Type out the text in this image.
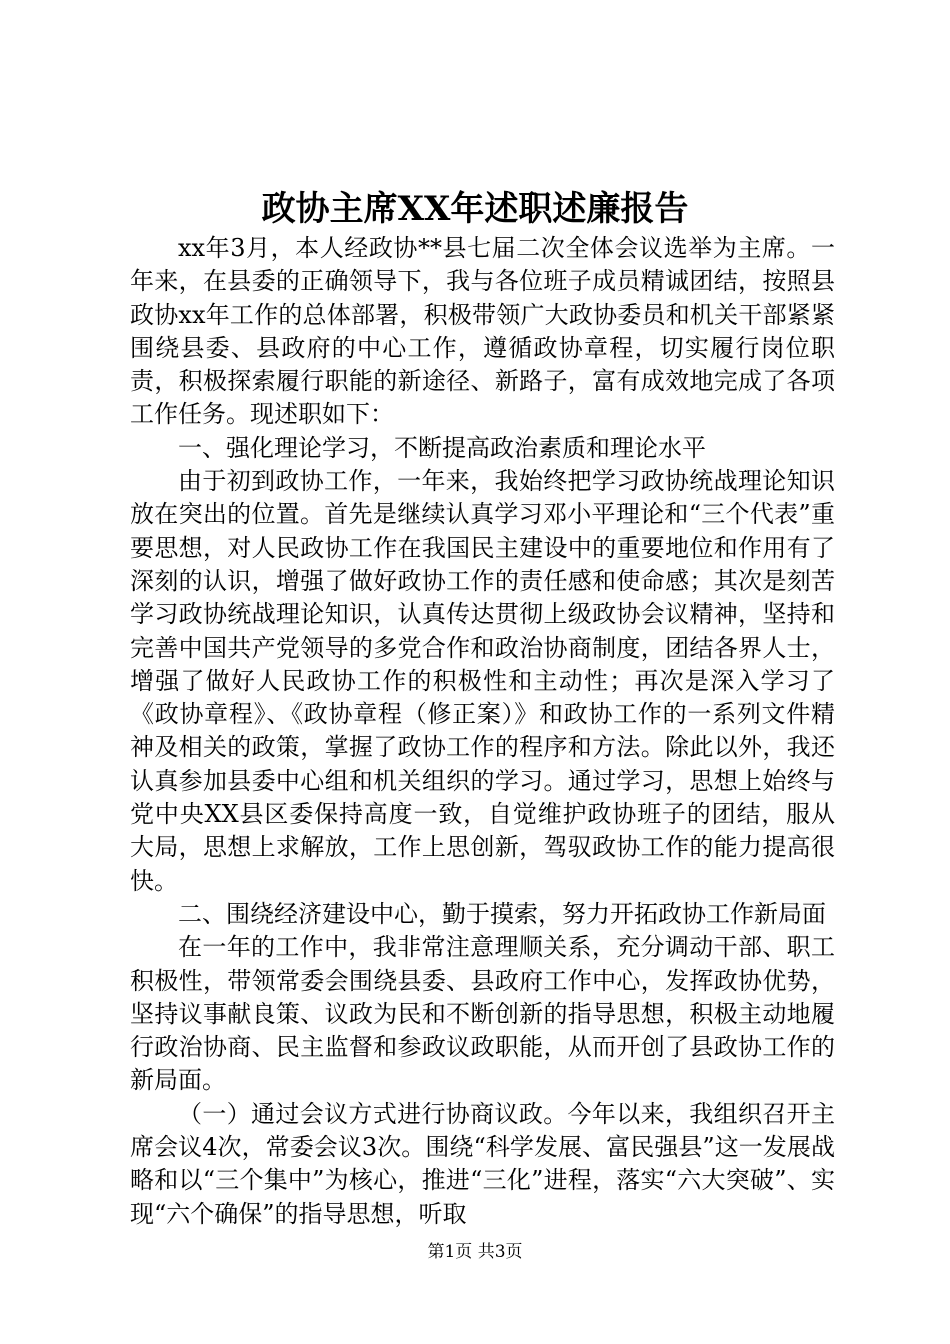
政协主席XX年述职述廉报告

xx年3月，本人经政协**县七届二次全体会议选举为主席。一年来，在县委的正确领导下，我与各位班子成员精诚团结，按照县政协xx年工作的总体部署，积极带领广大政协委员和机关干部紧紧围绕县委、县政府的中心工作，遵循政协章程，切实履行岗位职责，积极探索履行职能的新途径、新路子，富有成效地完成了各项工作任务。现述职如下：

一、强化理论学习，不断提高政治素质和理论水平

由于初到政协工作，一年来，我始终把学习政协统战理论知识放在突出的位置。首先是继续认真学习邓小平理论和“三个代表”重要思想，对人民政协工作在我国民主建设中的重要地位和作用有了深刻的认识，增强了做好政协工作的责任感和使命感；其次是刻苦学习政协统战理论知识，认真传达贯彻上级政协会议精神，坚持和完善中国共产党领导的多党合作和政治协商制度，团结各界人士，增强了做好人民政协工作的积极性和主动性；再次是深入学习了《政协章程》、《政协章程（修正案）》和政协工作的一系列文件精神及相关的政策，掌握了政协工作的程序和方法。除此以外，我还认真参加县委中心组和机关组织的学习。通过学习，思想上始终与党中央XX县区委保持高度一致，自觉维护政协班子的团结，服从大局，思想上求解放，工作上思创新，驾驭政协工作的能力提高很快。

二、围绕经济建设中心，勤于摸索，努力开拓政协工作新局面

在一年的工作中，我非常注意理顺关系，充分调动干部、职工积极性，带领常委会围绕县委、县政府工作中心，发挥政协优势，坚持议事献良策、议政为民和不断创新的指导思想，积极主动地履行政治协商、民主监督和参政议政职能，从而开创了县政协工作的新局面。

（一）通过会议方式进行协商议政。今年以来，我组织召开主席会议4次，常委会议3次。围绕“科学发展、富民强县”这一发展战略和以“三个集中”为核心，推进“三化”进程，落实“六大突破”、实现“六个确保”的指导思想，听取

第1页 共3页
